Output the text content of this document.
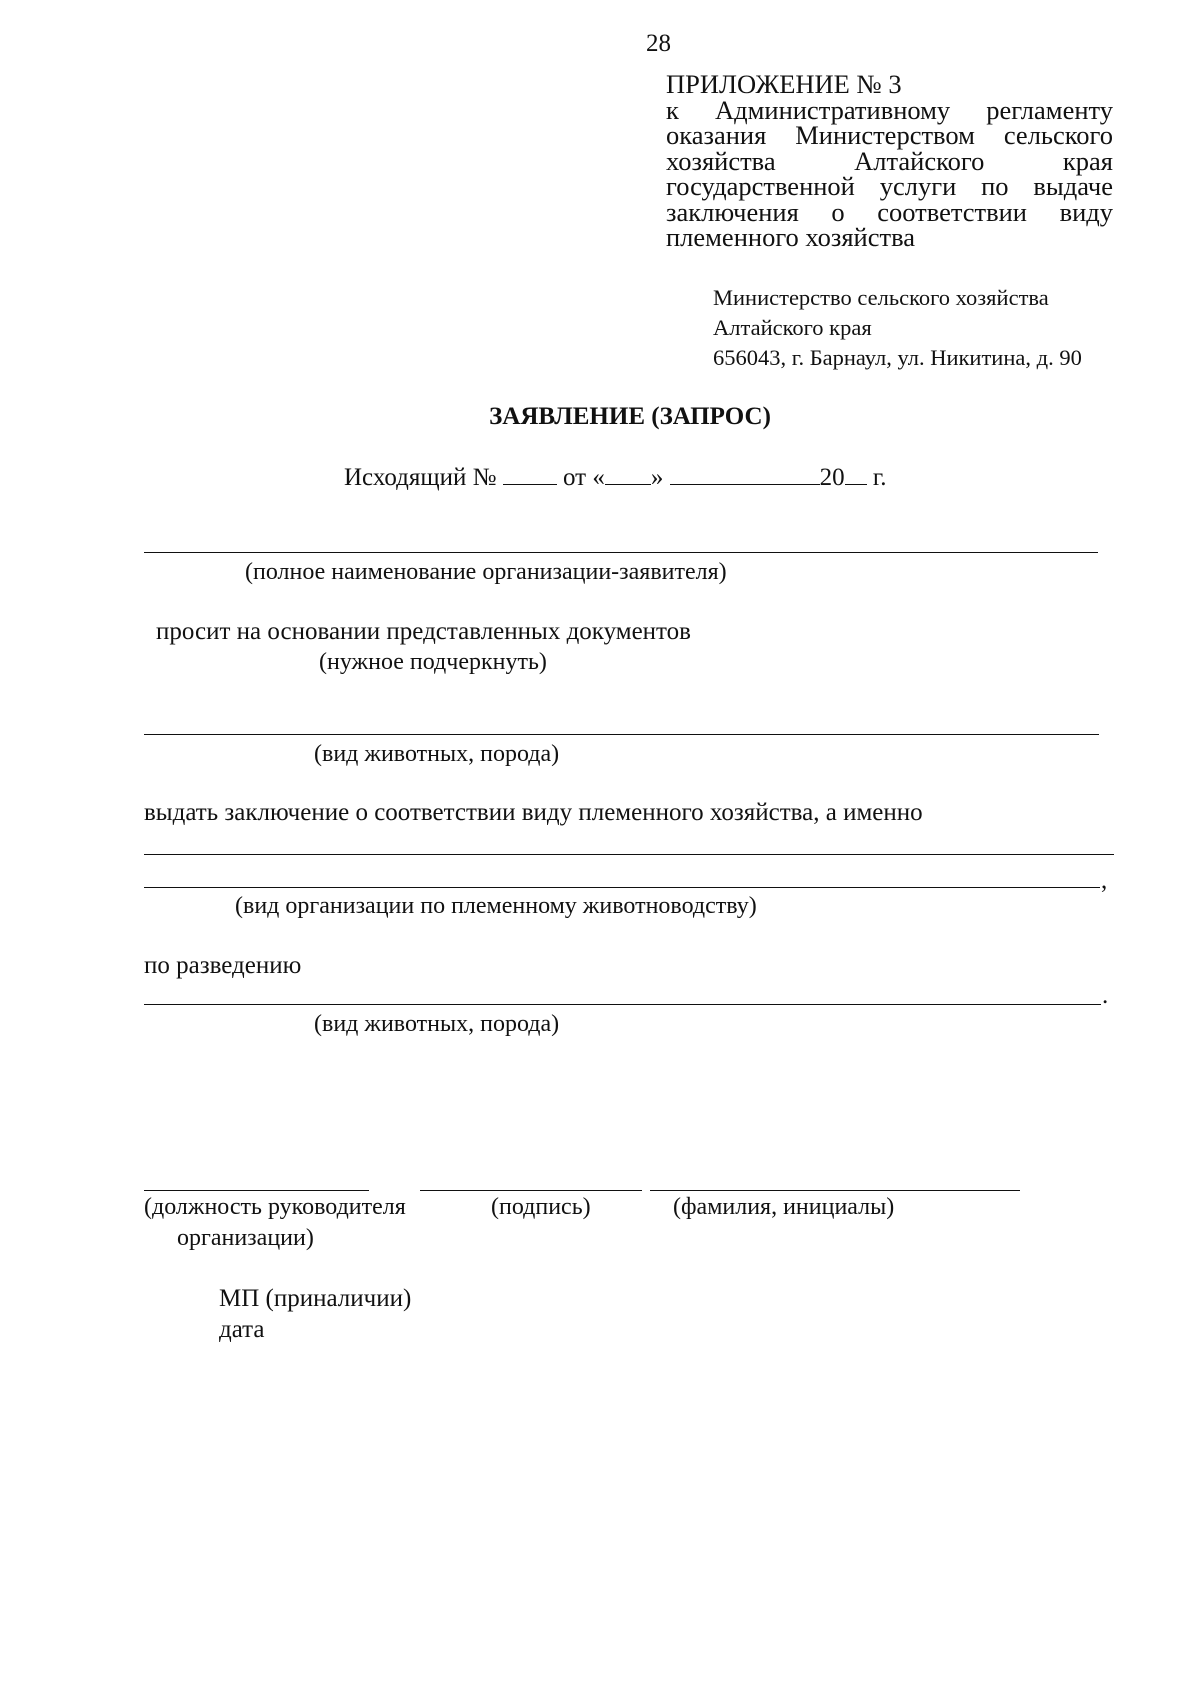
28
ПРИЛОЖЕНИЕ № 3
к Административному регламенту
оказания Министерством сельского
хозяйства Алтайского края
государственной услуги по выдаче
заключения о соответствии виду
племенного хозяйства
Министерство сельского хозяйства
Алтайского края
656043, г. Барнаул, ул. Никитина, д. 90
ЗАЯВЛЕНИЕ (ЗАПРОС)
Исходящий №	от « »	20 г.
(полное наименование организации-заявителя)
просит на основании представленных документов
(нужное подчеркнуть)
(вид животных, порода)
выдать заключение о соответствии виду племенного хозяйства, а именно
,
(вид организации по племенному животноводству)
по разведению
.
(вид животных, порода)
(должность руководителя
организации)
(подпись)	(фамилия, инициалы)
МП (приналичии)
дата
